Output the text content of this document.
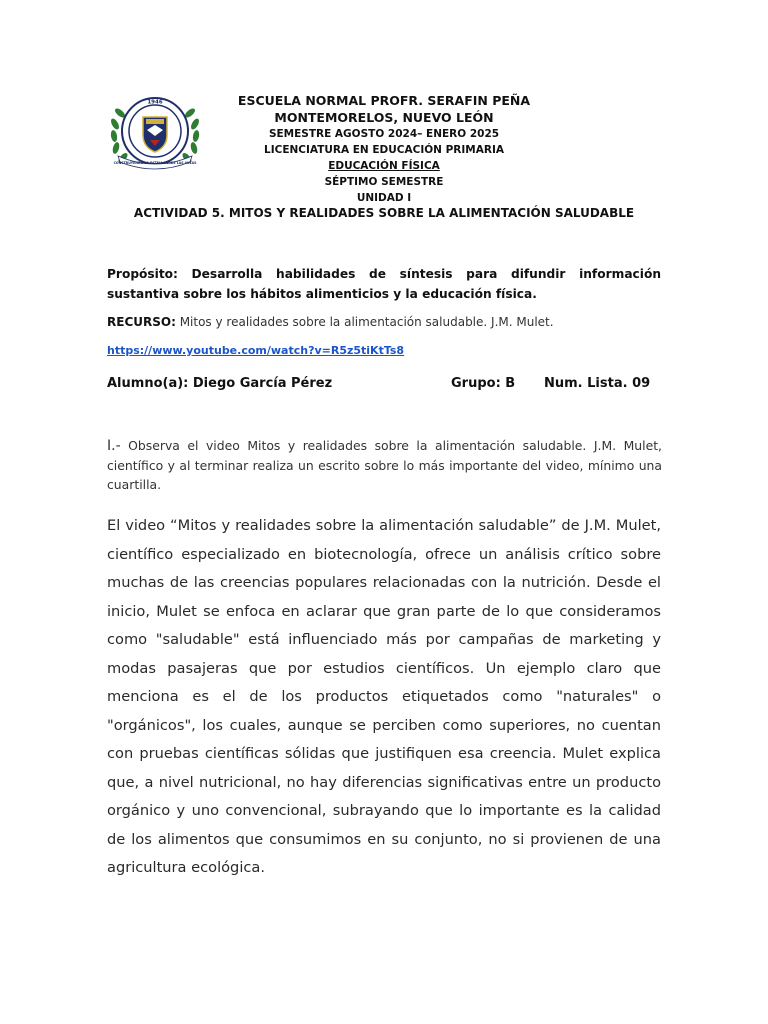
1946
CONSTRUYENDO LA PATRIA DESDE LAS AULAS
ESCUELA NORMAL PROFR. SERAFIN PEÑA
MONTEMORELOS, NUEVO LEÓN
SEMESTRE AGOSTO 2024– ENERO 2025
LICENCIATURA EN EDUCACIÓN PRIMARIA
EDUCACIÓN FÍSICA
SÉPTIMO SEMESTRE
UNIDAD I
ACTIVIDAD 5. MITOS Y REALIDADES SOBRE LA ALIMENTACIÓN SALUDABLE
Propósito: Desarrolla habilidades de síntesis para difundir información sustantiva sobre los hábitos alimenticios y la educación física.
RECURSO: Mitos y realidades sobre la alimentación saludable. J.M. Mulet.
https://www.youtube.com/watch?v=R5z5tiKtTs8
Alumno(a): Diego García Pérez	Grupo: B Num. Lista. 09
I.- Observa el video Mitos y realidades sobre la alimentación saludable. J.M. Mulet, científico y al terminar realiza un escrito sobre lo más importante del video, mínimo una cuartilla.
El video “Mitos y realidades sobre la alimentación saludable” de J.M. Mulet, científico especializado en biotecnología, ofrece un análisis crítico sobre muchas de las creencias populares relacionadas con la nutrición. Desde el inicio, Mulet se enfoca en aclarar que gran parte de lo que consideramos como "saludable" está influenciado más por campañas de marketing y modas pasajeras que por estudios científicos. Un ejemplo claro que menciona es el de los productos etiquetados como "naturales" o "orgánicos", los cuales, aunque se perciben como superiores, no cuentan con pruebas científicas sólidas que justifiquen esa creencia. Mulet explica que, a nivel nutricional, no hay diferencias significativas entre un producto orgánico y uno convencional, subrayando que lo importante es la calidad de los alimentos que consumimos en su conjunto, no si provienen de una agricultura ecológica.
